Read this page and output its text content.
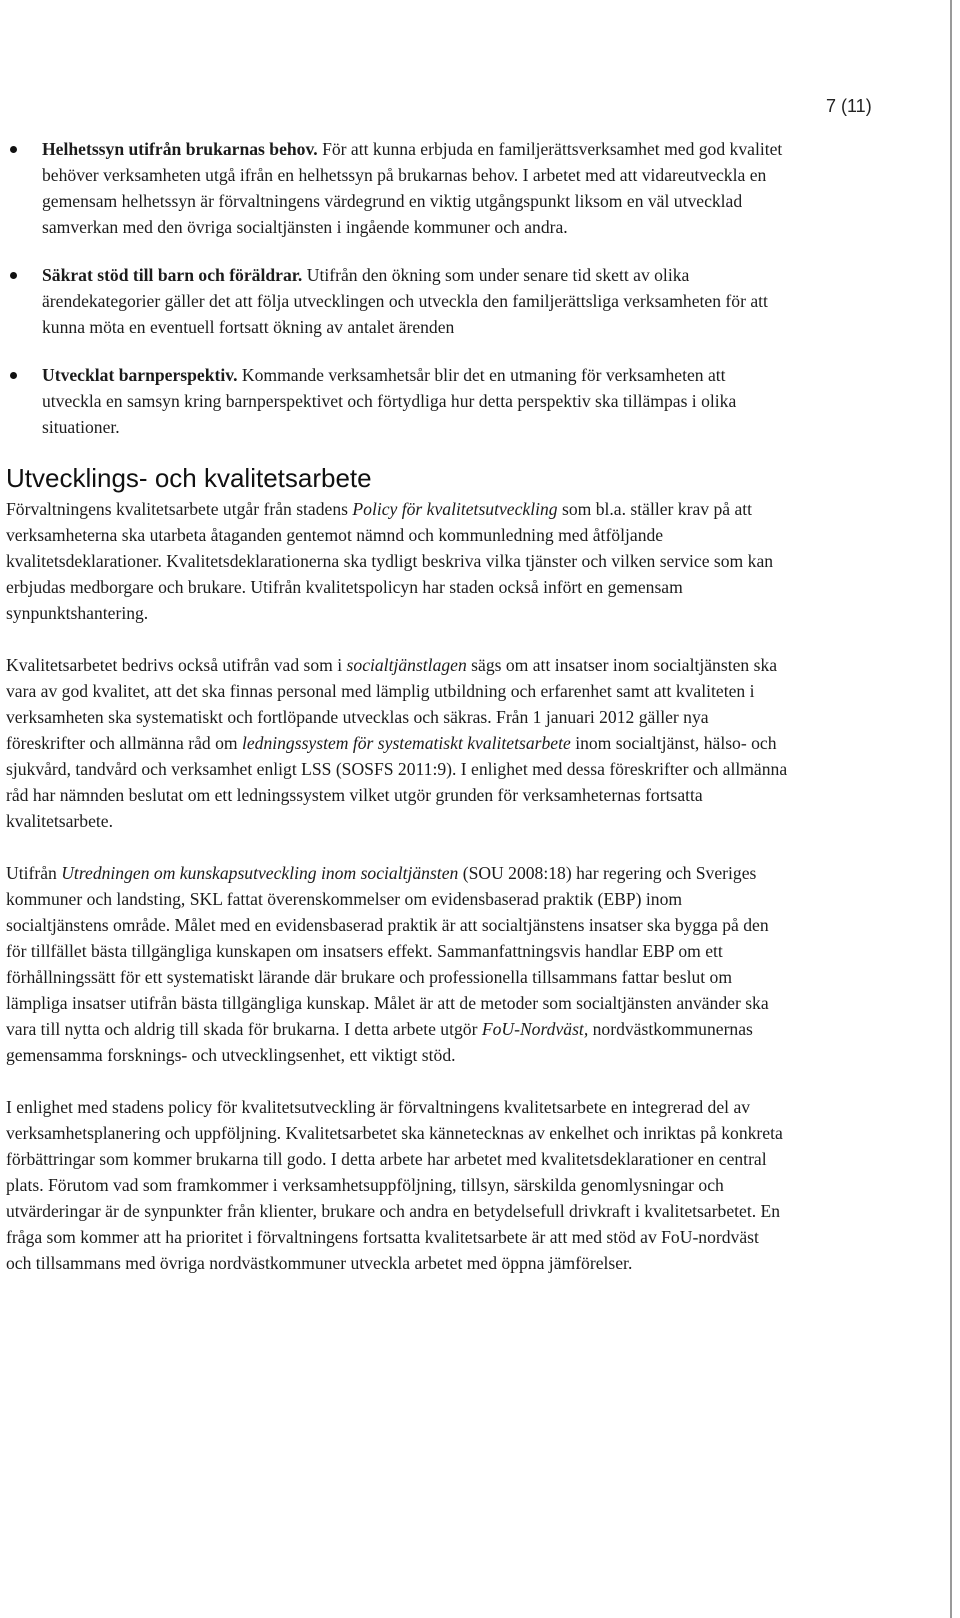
7 (11)
Helhetssyn utifrån brukarnas behov. För att kunna erbjuda en familjerättsverksamhet med god kvalitet behöver verksamheten utgå ifrån en helhetssyn på brukarnas behov. I arbetet med att vidareutveckla en gemensam helhetssyn är förvaltningens värdegrund en viktig utgångspunkt liksom en väl utvecklad samverkan med den övriga socialtjänsten i ingående kommuner och andra.
Säkrat stöd till barn och föräldrar. Utifrån den ökning som under senare tid skett av olika ärendekategorier gäller det att följa utvecklingen och utveckla den familjerättsliga verksamheten för att kunna möta en eventuell fortsatt ökning av antalet ärenden
Utvecklat barnperspektiv. Kommande verksamhetsår blir det en utmaning för verksamheten att utveckla en samsyn kring barnperspektivet och förtydliga hur detta perspektiv ska tillämpas i olika situationer.
Utvecklings- och kvalitetsarbete

Förvaltningens kvalitetsarbete utgår från stadens Policy för kvalitetsutveckling som bl.a. ställer krav på att verksamheterna ska utarbeta åtaganden gentemot nämnd och kommunledning med åtföljande kvalitetsdeklarationer. Kvalitetsdeklarationerna ska tydligt beskriva vilka tjänster och vilken service som kan erbjudas medborgare och brukare. Utifrån kvalitetspolicyn har staden också infört en gemensam synpunktshantering.

Kvalitetsarbetet bedrivs också utifrån vad som i socialtjänstlagen sägs om att insatser inom socialtjänsten ska vara av god kvalitet, att det ska finnas personal med lämplig utbildning och erfarenhet samt att kvaliteten i verksamheten ska systematiskt och fortlöpande utvecklas och säkras. Från 1 januari 2012 gäller nya föreskrifter och allmänna råd om ledningssystem för systematiskt kvalitetsarbete inom socialtjänst, hälso- och sjukvård, tandvård och verksamhet enligt LSS (SOSFS 2011:9). I enlighet med dessa föreskrifter och allmänna råd har nämnden beslutat om ett ledningssystem vilket utgör grunden för verksamheternas fortsatta kvalitetsarbete.

Utifrån Utredningen om kunskapsutveckling inom socialtjänsten (SOU 2008:18) har regering och Sveriges kommuner och landsting, SKL fattat överenskommelser om evidensbaserad praktik (EBP) inom socialtjänstens område. Målet med en evidensbaserad praktik är att socialtjänstens insatser ska bygga på den för tillfället bästa tillgängliga kunskapen om insatsers effekt. Sammanfattningsvis handlar EBP om ett förhållningssätt för ett systematiskt lärande där brukare och professionella tillsammans fattar beslut om lämpliga insatser utifrån bästa tillgängliga kunskap. Målet är att de metoder som socialtjänsten använder ska vara till nytta och aldrig till skada för brukarna. I detta arbete utgör FoU-Nordväst, nordvästkommunernas gemensamma forsknings- och utvecklingsenhet, ett viktigt stöd.

I enlighet med stadens policy för kvalitetsutveckling är förvaltningens kvalitetsarbete en integrerad del av verksamhetsplanering och uppföljning. Kvalitetsarbetet ska kännetecknas av enkelhet och inriktas på konkreta förbättringar som kommer brukarna till godo. I detta arbete har arbetet med kvalitetsdeklarationer en central plats. Förutom vad som framkommer i verksamhetsuppföljning, tillsyn, särskilda genomlysningar och utvärderingar är de synpunkter från klienter, brukare och andra en betydelsefull drivkraft i kvalitetsarbetet. En fråga som kommer att ha prioritet i förvaltningens fortsatta kvalitetsarbete är att med stöd av FoU-nordväst och tillsammans med övriga nordvästkommuner utveckla arbetet med öppna jämförelser.
